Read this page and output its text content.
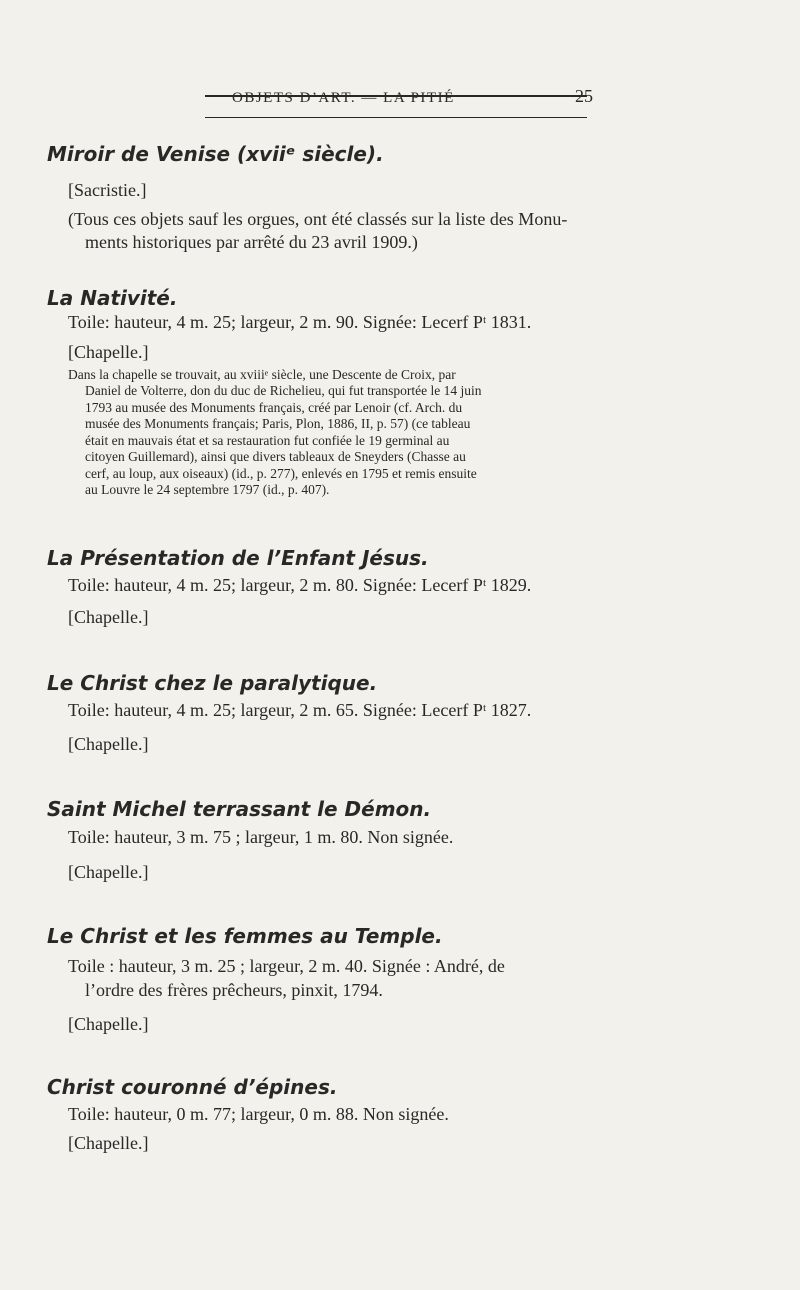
OBJETS D’ART. — LA PITIÉ	25
Miroir de Venise (xviiᵉ siècle).
[Sacristie.]
(Tous ces objets sauf les orgues, ont été classés sur la liste des Monu-
ments historiques par arrêté du 23 avril 1909.)
La Nativité.
Toile: hauteur, 4 m. 25; largeur, 2 m. 90. Signée: Lecerf Pᵗ 1831.
[Chapelle.]
Dans la chapelle se trouvait, au xviiiᵉ siècle, une Descente de Croix, par
Daniel de Volterre, don du duc de Richelieu, qui fut transportée le 14 juin
1793 au musée des Monuments français, créé par Lenoir (cf. Arch. du
musée des Monuments français; Paris, Plon, 1886, II, p. 57) (ce tableau
était en mauvais état et sa restauration fut confiée le 19 germinal au
citoyen Guillemard), ainsi que divers tableaux de Sneyders (Chasse au
cerf, au loup, aux oiseaux) (id., p. 277), enlevés en 1795 et remis ensuite
au Louvre le 24 septembre 1797 (id., p. 407).
La Présentation de l’Enfant Jésus.
Toile: hauteur, 4 m. 25; largeur, 2 m. 80. Signée: Lecerf Pᵗ 1829.
[Chapelle.]
Le Christ chez le paralytique.
Toile: hauteur, 4 m. 25; largeur, 2 m. 65. Signée: Lecerf Pᵗ 1827.
[Chapelle.]
Saint Michel terrassant le Démon.
Toile: hauteur, 3 m. 75 ; largeur, 1 m. 80. Non signée.
[Chapelle.]
Le Christ et les femmes au Temple.
Toile : hauteur, 3 m. 25 ; largeur, 2 m. 40. Signée : André, de
l’ordre des frères prêcheurs, pinxit, 1794.
[Chapelle.]
Christ couronné d’épines.
Toile: hauteur, 0 m. 77; largeur, 0 m. 88. Non signée.
[Chapelle.]
